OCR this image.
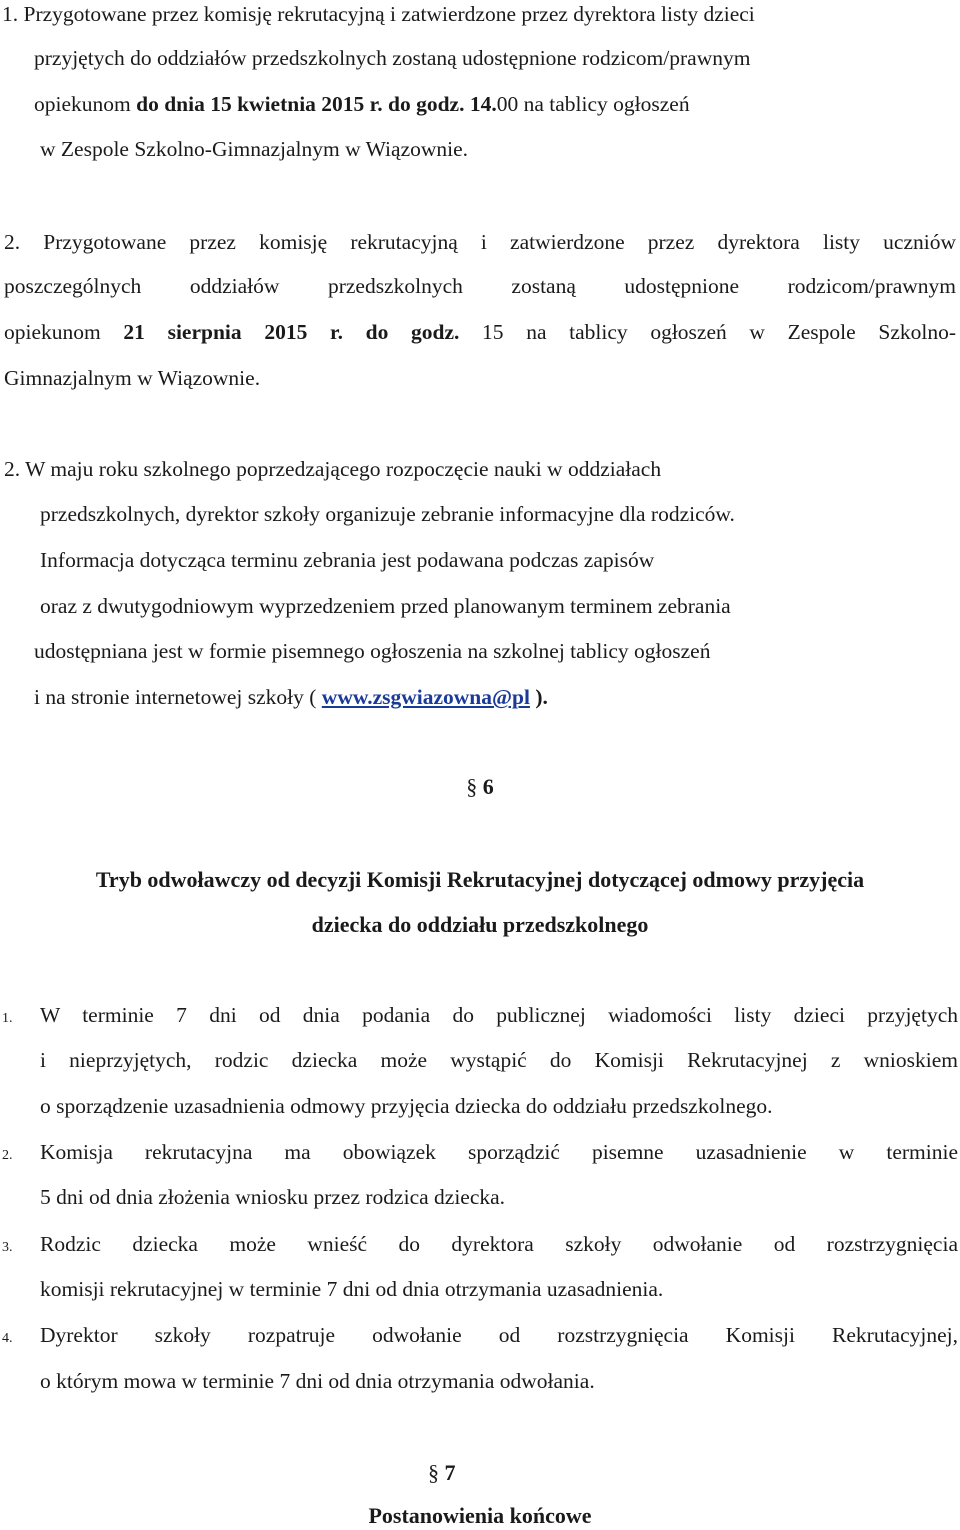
1. Przygotowane przez komisję rekrutacyjną i zatwierdzone przez dyrektora listy dzieci
przyjętych do oddziałów przedszkolnych zostaną udostępnione rodzicom/prawnym
opiekunom do dnia 15 kwietnia 2015 r. do godz. 14.00 na tablicy ogłoszeń
w Zespole Szkolno-Gimnazjalnym w Wiązownie.
2. Przygotowane przez komisję rekrutacyjną i zatwierdzone przez dyrektora listy uczniów
poszczególnych oddziałów przedszkolnych zostaną udostępnione rodzicom/prawnym
opiekunom 21 sierpnia 2015 r. do godz. 15 na tablicy ogłoszeń w Zespole Szkolno-
Gimnazjalnym w Wiązownie.
2. W maju roku szkolnego poprzedzającego rozpoczęcie nauki w oddziałach
przedszkolnych, dyrektor szkoły organizuje zebranie informacyjne dla rodziców.
Informacja dotycząca terminu zebrania jest podawana podczas zapisów
oraz z dwutygodniowym wyprzedzeniem przed planowanym terminem zebrania
udostępniana jest w formie pisemnego ogłoszenia na szkolnej tablicy ogłoszeń
i na stronie internetowej szkoły ( www.zsgwiazowna@pl ).
§ 6
Tryb odwoławczy od decyzji Komisji Rekrutacyjnej dotyczącej odmowy przyjęcia
dziecka do oddziału przedszkolnego
1. W terminie 7 dni od dnia podania do publicznej wiadomości listy dzieci przyjętych
i nieprzyjętych, rodzic dziecka może wystąpić do Komisji Rekrutacyjnej z wnioskiem
o sporządzenie uzasadnienia odmowy przyjęcia dziecka do oddziału przedszkolnego.
2. Komisja rekrutacyjna ma obowiązek sporządzić pisemne uzasadnienie w terminie
5 dni od dnia złożenia wniosku przez rodzica dziecka.
3. Rodzic dziecka może wnieść do dyrektora szkoły odwołanie od rozstrzygnięcia
komisji rekrutacyjnej w terminie 7 dni od dnia otrzymania uzasadnienia.
4. Dyrektor szkoły rozpatruje odwołanie od rozstrzygnięcia Komisji Rekrutacyjnej,
o którym mowa w terminie 7 dni od dnia otrzymania odwołania.
§ 7
Postanowienia końcowe
